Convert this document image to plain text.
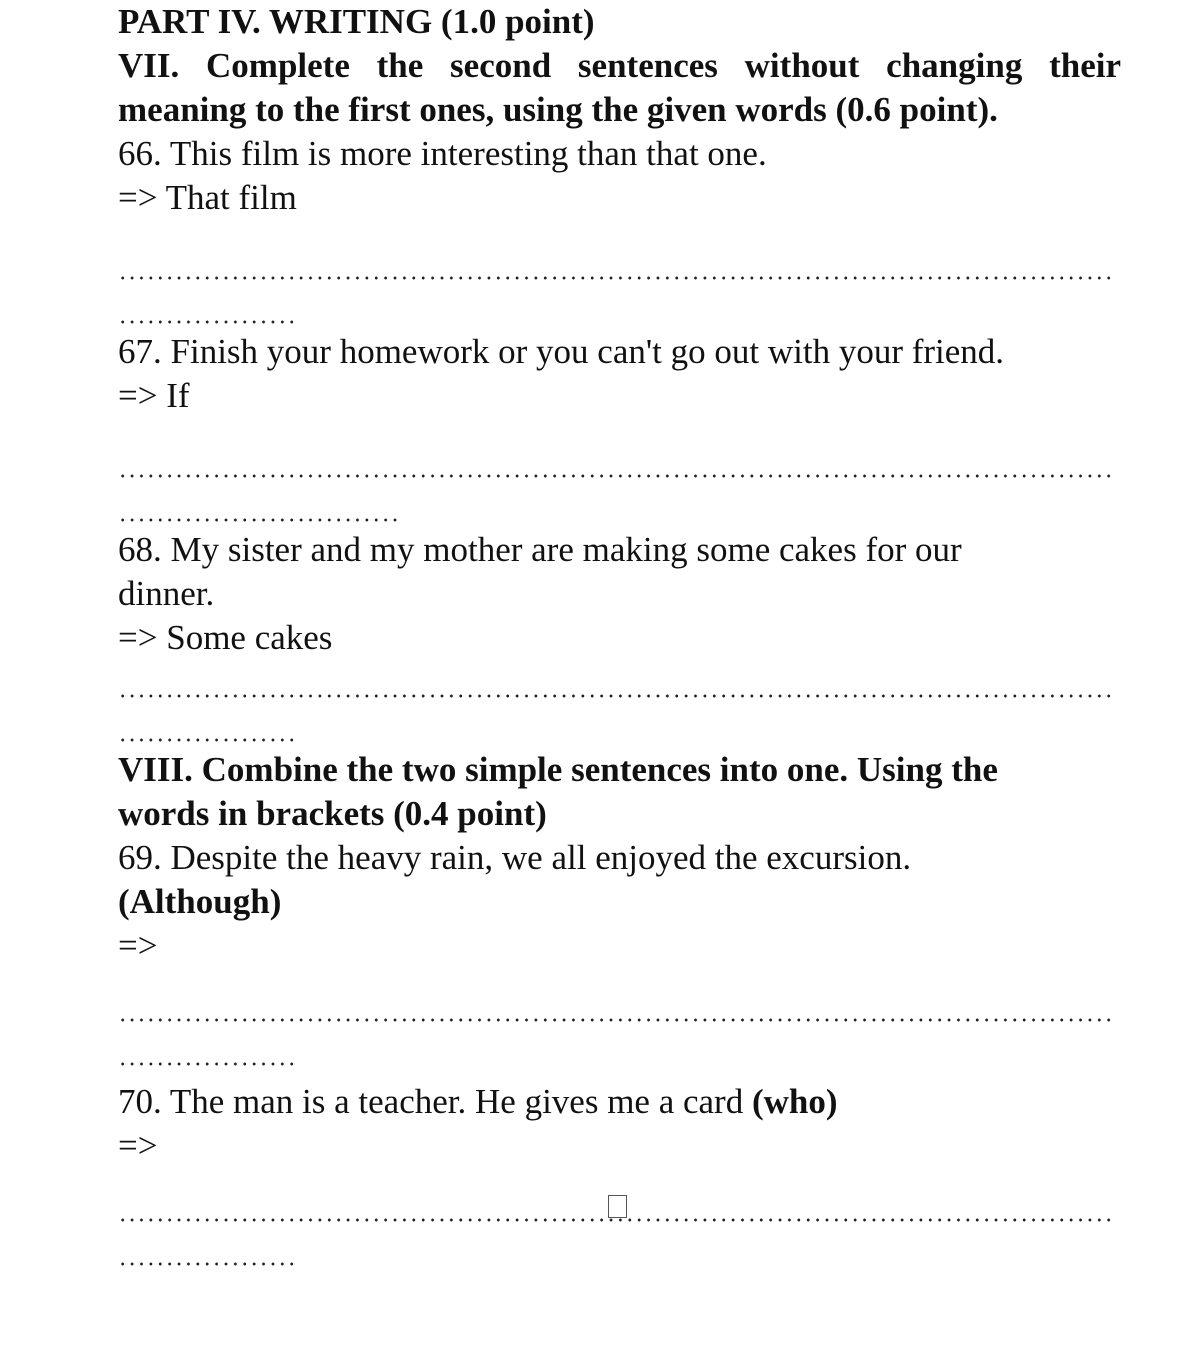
PART IV. WRITING (1.0 point)
VII. Complete the second sentences without changing their
meaning to the first ones, using the given words (0.6 point).
66. This film is more interesting than that one.
=> That film
67. Finish your homework or you can't go out with your friend.
=> If
68. My sister and my mother are making some cakes for our
dinner.
=> Some cakes
VIII. Combine the two simple sentences into one. Using the
words in brackets (0.4 point)
69. Despite the heavy rain, we all enjoyed the excursion.
(Although)
=>
70. The man is a teacher. He gives me a card (who)
=>
